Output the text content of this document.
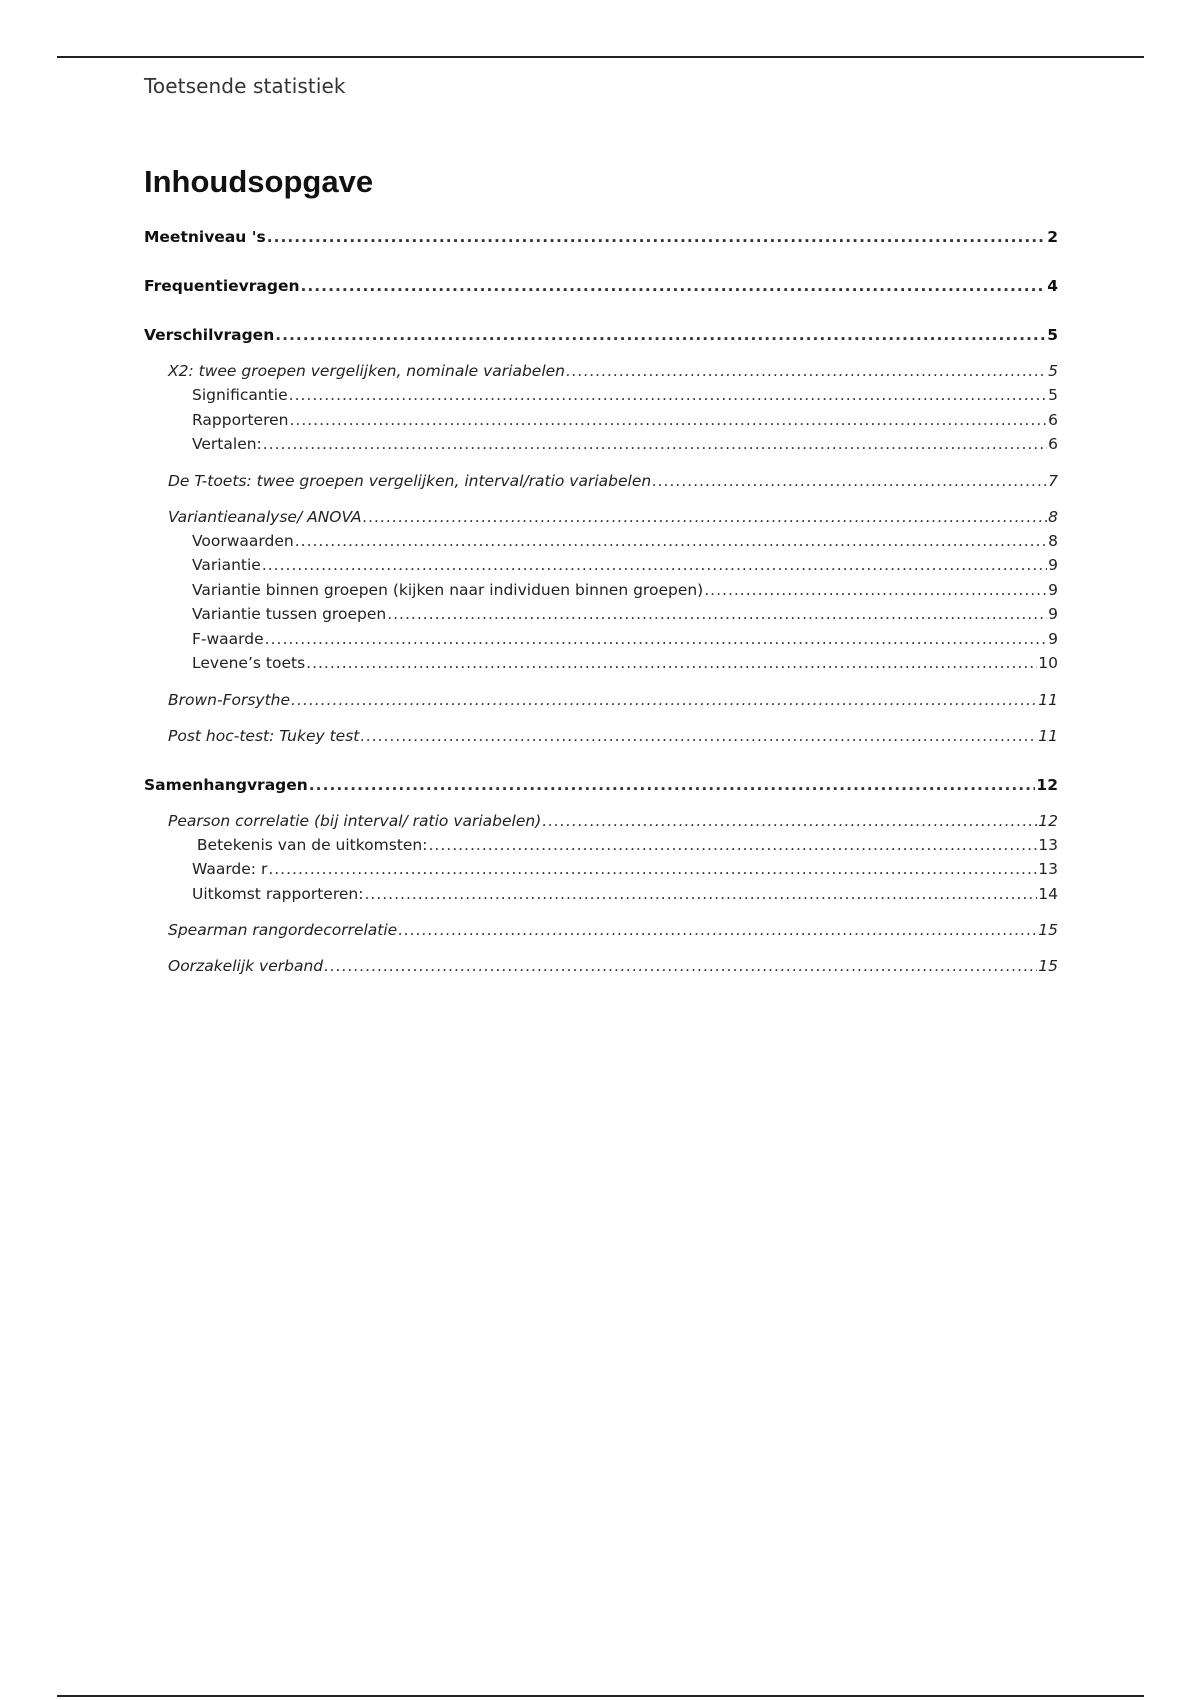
Toetsende statistiek
Inhoudsopgave
Meetniveau 's .....	2
Frequentievragen .....	4
Verschilvragen .....	5
X2: twee groepen vergelijken, nominale variabelen .....	5
Significantie .....	5
Rapporteren .....	6
Vertalen: .....	6
De T-toets: twee groepen vergelijken, interval/ratio variabelen .....	7
Variantieanalyse/ ANOVA .....	8
Voorwaarden .....	8
Variantie .....	9
Variantie binnen groepen (kijken naar individuen binnen groepen) .....	9
Variantie tussen groepen .....	9
F-waarde .....	9
Levene’s toets .....	10
Brown-Forsythe .....	11
Post hoc-test: Tukey test .....	11
Samenhangvragen .....	12
Pearson correlatie (bij interval/ ratio variabelen) .....	12
Betekenis van de uitkomsten: .....	13
Waarde: r .....	13
Uitkomst rapporteren: .....	14
Spearman rangordecorrelatie .....	15
Oorzakelijk verband .....	15
